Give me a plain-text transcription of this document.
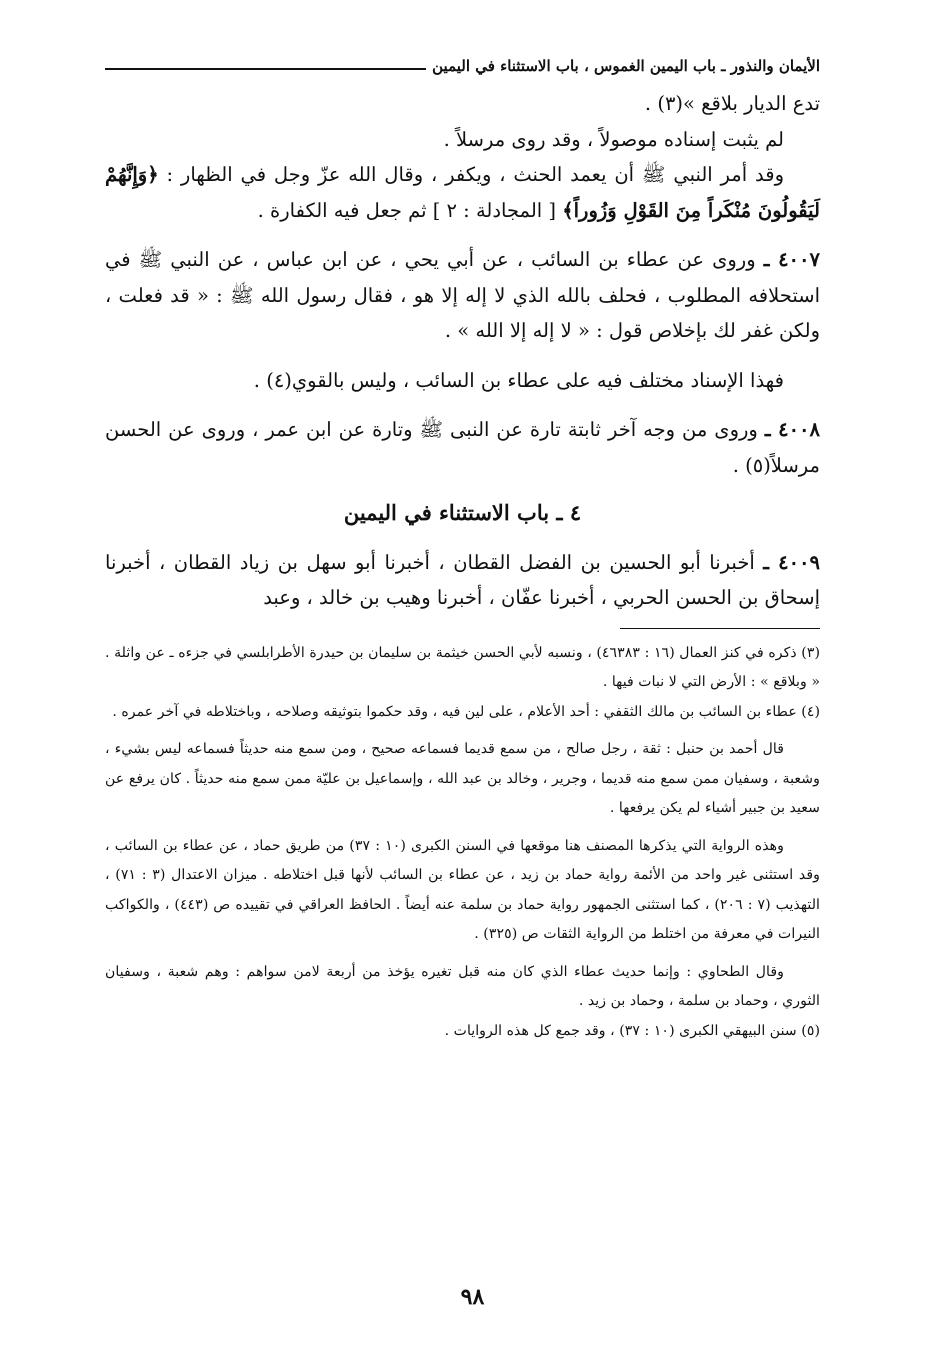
الأيمان والنذور ـ باب اليمين الغموس ، باب الاستثناء في اليمين

تدع الديار بلاقع »(٣) .

لم يثبت إسناده موصولاً ، وقد روى مرسلاً .

وقد أمر النبي ﷺ أن يعمد الحنث ، ويكفر ، وقال الله عزّ وجل في الظهار : ﴿وَإِنَّهُمْ لَيَقُولُونَ مُنْكَراً مِنَ القَوْلِ وَزُوراً﴾ [ المجادلة : ٢ ] ثم جعل فيه الكفارة .

٤٠٠٧ ـ وروى عن عطاء بن السائب ، عن أبي يحي ، عن ابن عباس ، عن النبي ﷺ في استحلافه المطلوب ، فحلف بالله الذي لا إله إلا هو ، فقال رسول الله ﷺ : « قد فعلت ، ولكن غفر لك بإخلاص قول : « لا إله إلا الله » .

فهذا الإسناد مختلف فيه على عطاء بن السائب ، وليس بالقوي(٤) .

٤٠٠٨ ـ وروى من وجه آخر ثابتة تارة عن النبى ﷺ وتارة عن ابن عمر ، وروى عن الحسن مرسلاً(٥) .

٤ ـ باب الاستثناء في اليمين

٤٠٠٩ ـ أخبرنا أبو الحسين بن الفضل القطان ، أخبرنا أبو سهل بن زياد القطان ، أخبرنا إسحاق بن الحسن الحربي ، أخبرنا عفّان ، أخبرنا وهيب بن خالد ، وعبد

(٣) ذكره في كنز العمال (١٦ : ٤٦٣٨٣) ، ونسبه لأبي الحسن خيثمة بن سليمان بن حيدرة الأطرابلسي في جزءه ـ عن واثلة . « وبلاقع » : الأرض التي لا نبات فيها .

(٤) عطاء بن السائب بن مالك الثقفي : أحد الأعلام ، على لين فيه ، وقد حكموا بتوثيقه وصلاحه ، وباختلاطه في آخر عمره .

قال أحمد بن حنبل : ثقة ، رجل صالح ، من سمع قديما فسماعه صحيح ، ومن سمع منه حديثاً فسماعه ليس بشيء ، وشعبة ، وسفيان ممن سمع منه قديما ، وجرير ، وخالد بن عبد الله ، وإسماعيل بن عليّة ممن سمع منه حديثاً . كان يرفع عن سعيد بن جبير أشياء لم يكن يرفعها .

وهذه الرواية التي يذكرها المصنف هنا موقعها في السنن الكبرى (١٠ : ٣٧) من طريق حماد ، عن عطاء بن السائب ، وقد استثنى غير واحد من الأئمة رواية حماد بن زيد ، عن عطاء بن السائب لأنها قبل اختلاطه . ميزان الاعتدال (٣ : ٧١) ، التهذيب (٧ : ٢٠٦) ، كما استثنى الجمهور رواية حماد بن سلمة عنه أيضاً . الحافظ العراقي في تقييده ص (٤٤٣) ، والكواكب النيرات في معرفة من اختلط من الرواية الثقات ص (٣٢٥) .

وقال الطحاوي : وإنما حديث عطاء الذي كان منه قبل تغيره يؤخذ من أربعة لامن سواهم : وهم شعبة ، وسفيان الثوري ، وحماد بن سلمة ، وحماد بن زيد .

(٥) سنن البيهقي الكبرى (١٠ : ٣٧) ، وقد جمع كل هذه الروايات .

٩٨
